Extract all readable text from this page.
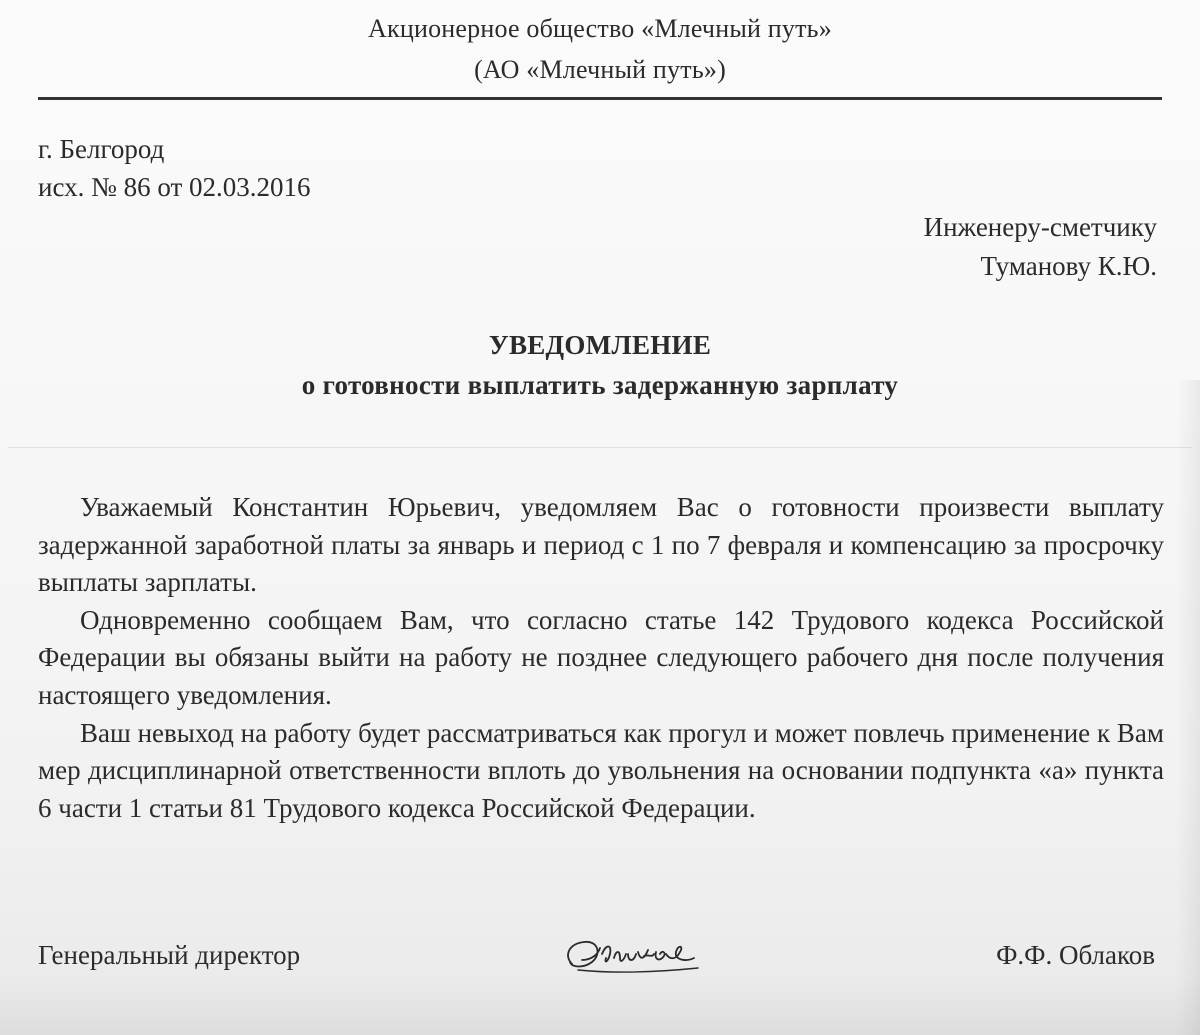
Акционерное общество «Млечный путь»
(АО «Млечный путь»)
г. Белгород
исх. № 86 от 02.03.2016
Инженеру-сметчику
Туманову К.Ю.
УВЕДОМЛЕНИЕ
о готовности выплатить задержанную зарплату

Уважаемый Константин Юрьевич, уведомляем Вас о готовности произвести выплату задержанной заработной платы за январь и период с 1 по 7 февраля и компенсацию за просрочку выплаты зарплаты.

Одновременно сообщаем Вам, что согласно статье 142 Трудового кодекса Российской Федерации вы обязаны выйти на работу не позднее следующего рабочего дня после получения настоящего уведомления.

Ваш невыход на работу будет рассматриваться как прогул и может повлечь применение к Вам мер дисциплинарной ответственности вплоть до увольнения на основании подпункта «а» пункта 6 части 1 статьи 81 Трудового кодекса Российской Федерации.

Генеральный директор	Ф.Ф. Облаков
